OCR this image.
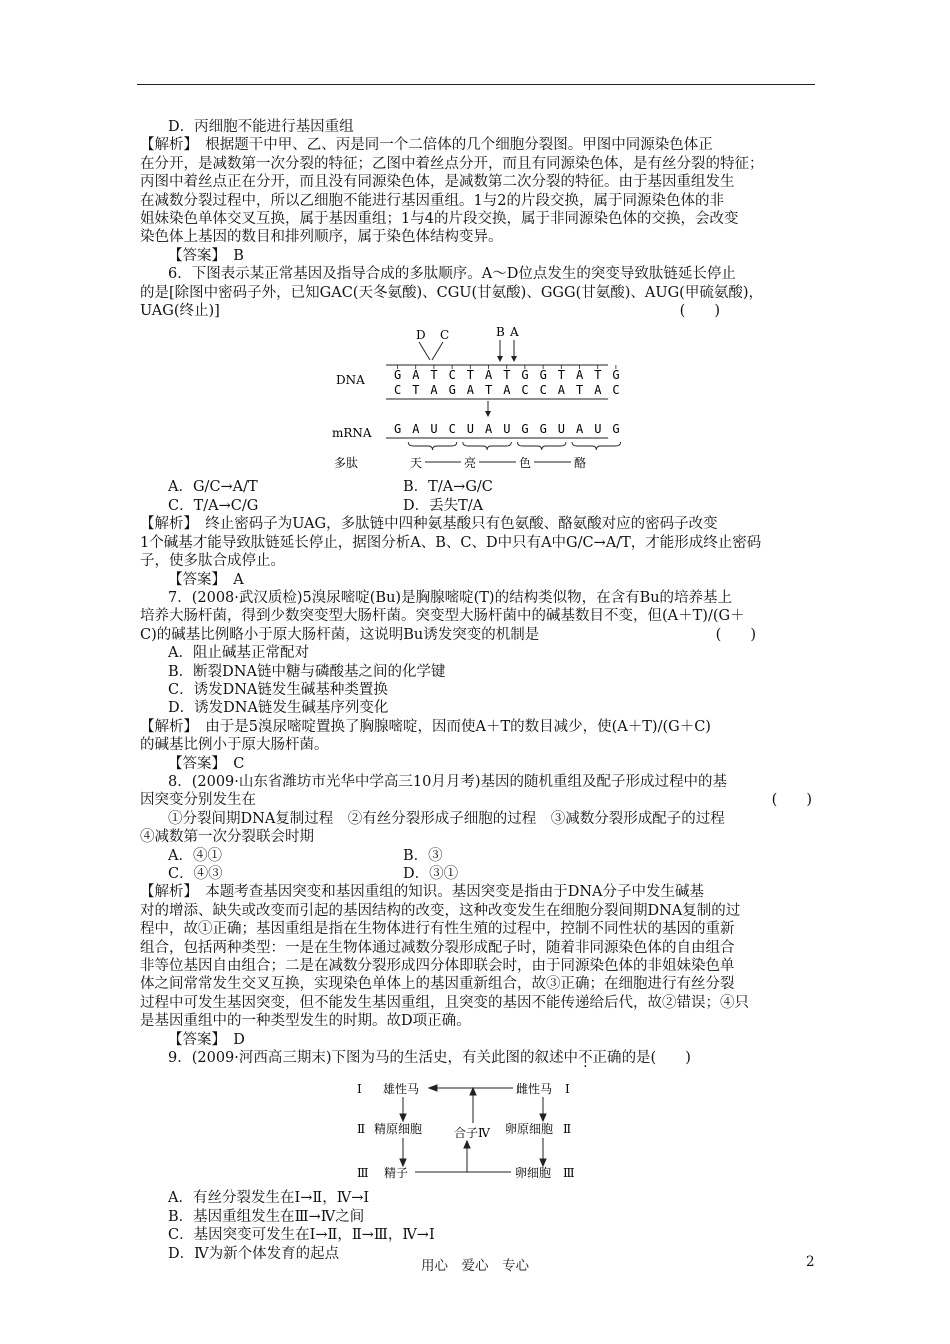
D．丙细胞不能进行基因重组
【解析】　根据题干中甲、乙、丙是同一个二倍体的几个细胞分裂图。甲图中同源染色体正
在分开，是减数第一次分裂的特征；乙图中着丝点分开，而且有同源染色体，是有丝分裂的特征；
丙图中着丝点正在分开，而且没有同源染色体，是减数第二次分裂的特征。由于基因重组发生
在减数分裂过程中，所以乙细胞不能进行基因重组。1与2的片段交换，属于同源染色体的非
姐妹染色单体交叉互换，属于基因重组；1与4的片段交换，属于非同源染色体的交换，会改变
染色体上基因的数目和排列顺序，属于染色体结构变异。
【答案】　B
6．下图表示某正常基因及指导合成的多肽顺序。A～D位点发生的突变导致肽链延长停止
的是[除图中密码子外，已知GAC(天冬氨酸)、CGU(甘氨酸)、GGG(甘氨酸)、AUG(甲硫氨酸)，
UAG(终止)]	(　　)
D C	B A
DNA G A T C T A T G G T A T G
C T A G A T A C C A T A C
mRNA G A U C U A U G G U A U G
多肽	天	亮	色	酪
A．G/C→A/T	B．T/A→G/C
C．T/A→C/G	D．丢失T/A
【解析】　终止密码子为UAG，多肽链中四种氨基酸只有色氨酸、酪氨酸对应的密码子改变
1个碱基才能导致肽链延长停止，据图分析A、B、C、D中只有A中G/C→A/T，才能形成终止密码
子，使多肽合成停止。
【答案】　A
7．(2008·武汉质检)5溴尿嘧啶(Bu)是胸腺嘧啶(T)的结构类似物，在含有Bu的培养基上
培养大肠杆菌，得到少数突变型大肠杆菌。突变型大肠杆菌中的碱基数目不变，但(A＋T)/(G＋
C)的碱基比例略小于原大肠杆菌，这说明Bu诱发突变的机制是	(　　)
A．阻止碱基正常配对
B．断裂DNA链中糖与磷酸基之间的化学键
C．诱发DNA链发生碱基种类置换
D．诱发DNA链发生碱基序列变化
【解析】　由于是5溴尿嘧啶置换了胸腺嘧啶，因而使A＋T的数目减少，使(A＋T)/(G＋C)
的碱基比例小于原大肠杆菌。
【答案】　C
8．(2009·山东省潍坊市光华中学高三10月月考)基因的随机重组及配子形成过程中的基
因突变分别发生在	(　　)
①分裂间期DNA复制过程　②有丝分裂形成子细胞的过程　③减数分裂形成配子的过程
④减数第一次分裂联会时期
A．④①	B．③
C．④③	D．③①
【解析】　本题考查基因突变和基因重组的知识。基因突变是指由于DNA分子中发生碱基
对的增添、缺失或改变而引起的基因结构的改变，这种改变发生在细胞分裂间期DNA复制的过
程中，故①正确；基因重组是指在生物体进行有性生殖的过程中，控制不同性状的基因的重新
组合，包括两种类型：一是在生物体通过减数分裂形成配子时，随着非同源染色体的自由组合
非等位基因自由组合；二是在减数分裂形成四分体即联会时，由于同源染色体的非姐妹染色单
体之间常常发生交叉互换，实现染色单体上的基因重新组合，故③正确；在细胞进行有丝分裂
过程中可发生基因突变，但不能发生基因重组，且突变的基因不能传递给后代，故②错误；④只
是基因重组中的一种类型发生的时期。故D项正确。
【答案】　D
9．(2009·河西高三期末)下图为马的生活史，有关此图的叙述中不正确的是(　　)
Ⅰ 雄性马	雌性马 Ⅰ
Ⅱ 精原细胞	合子Ⅳ 卵原细胞 Ⅱ
Ⅲ 精子	卵细胞 Ⅲ
A．有丝分裂发生在Ⅰ→Ⅱ，Ⅳ→Ⅰ
B．基因重组发生在Ⅲ→Ⅳ之间
C．基因突变可发生在Ⅰ→Ⅱ，Ⅱ→Ⅲ，Ⅳ→Ⅰ
D．Ⅳ为新个体发育的起点
用心　爱心　专心	2
